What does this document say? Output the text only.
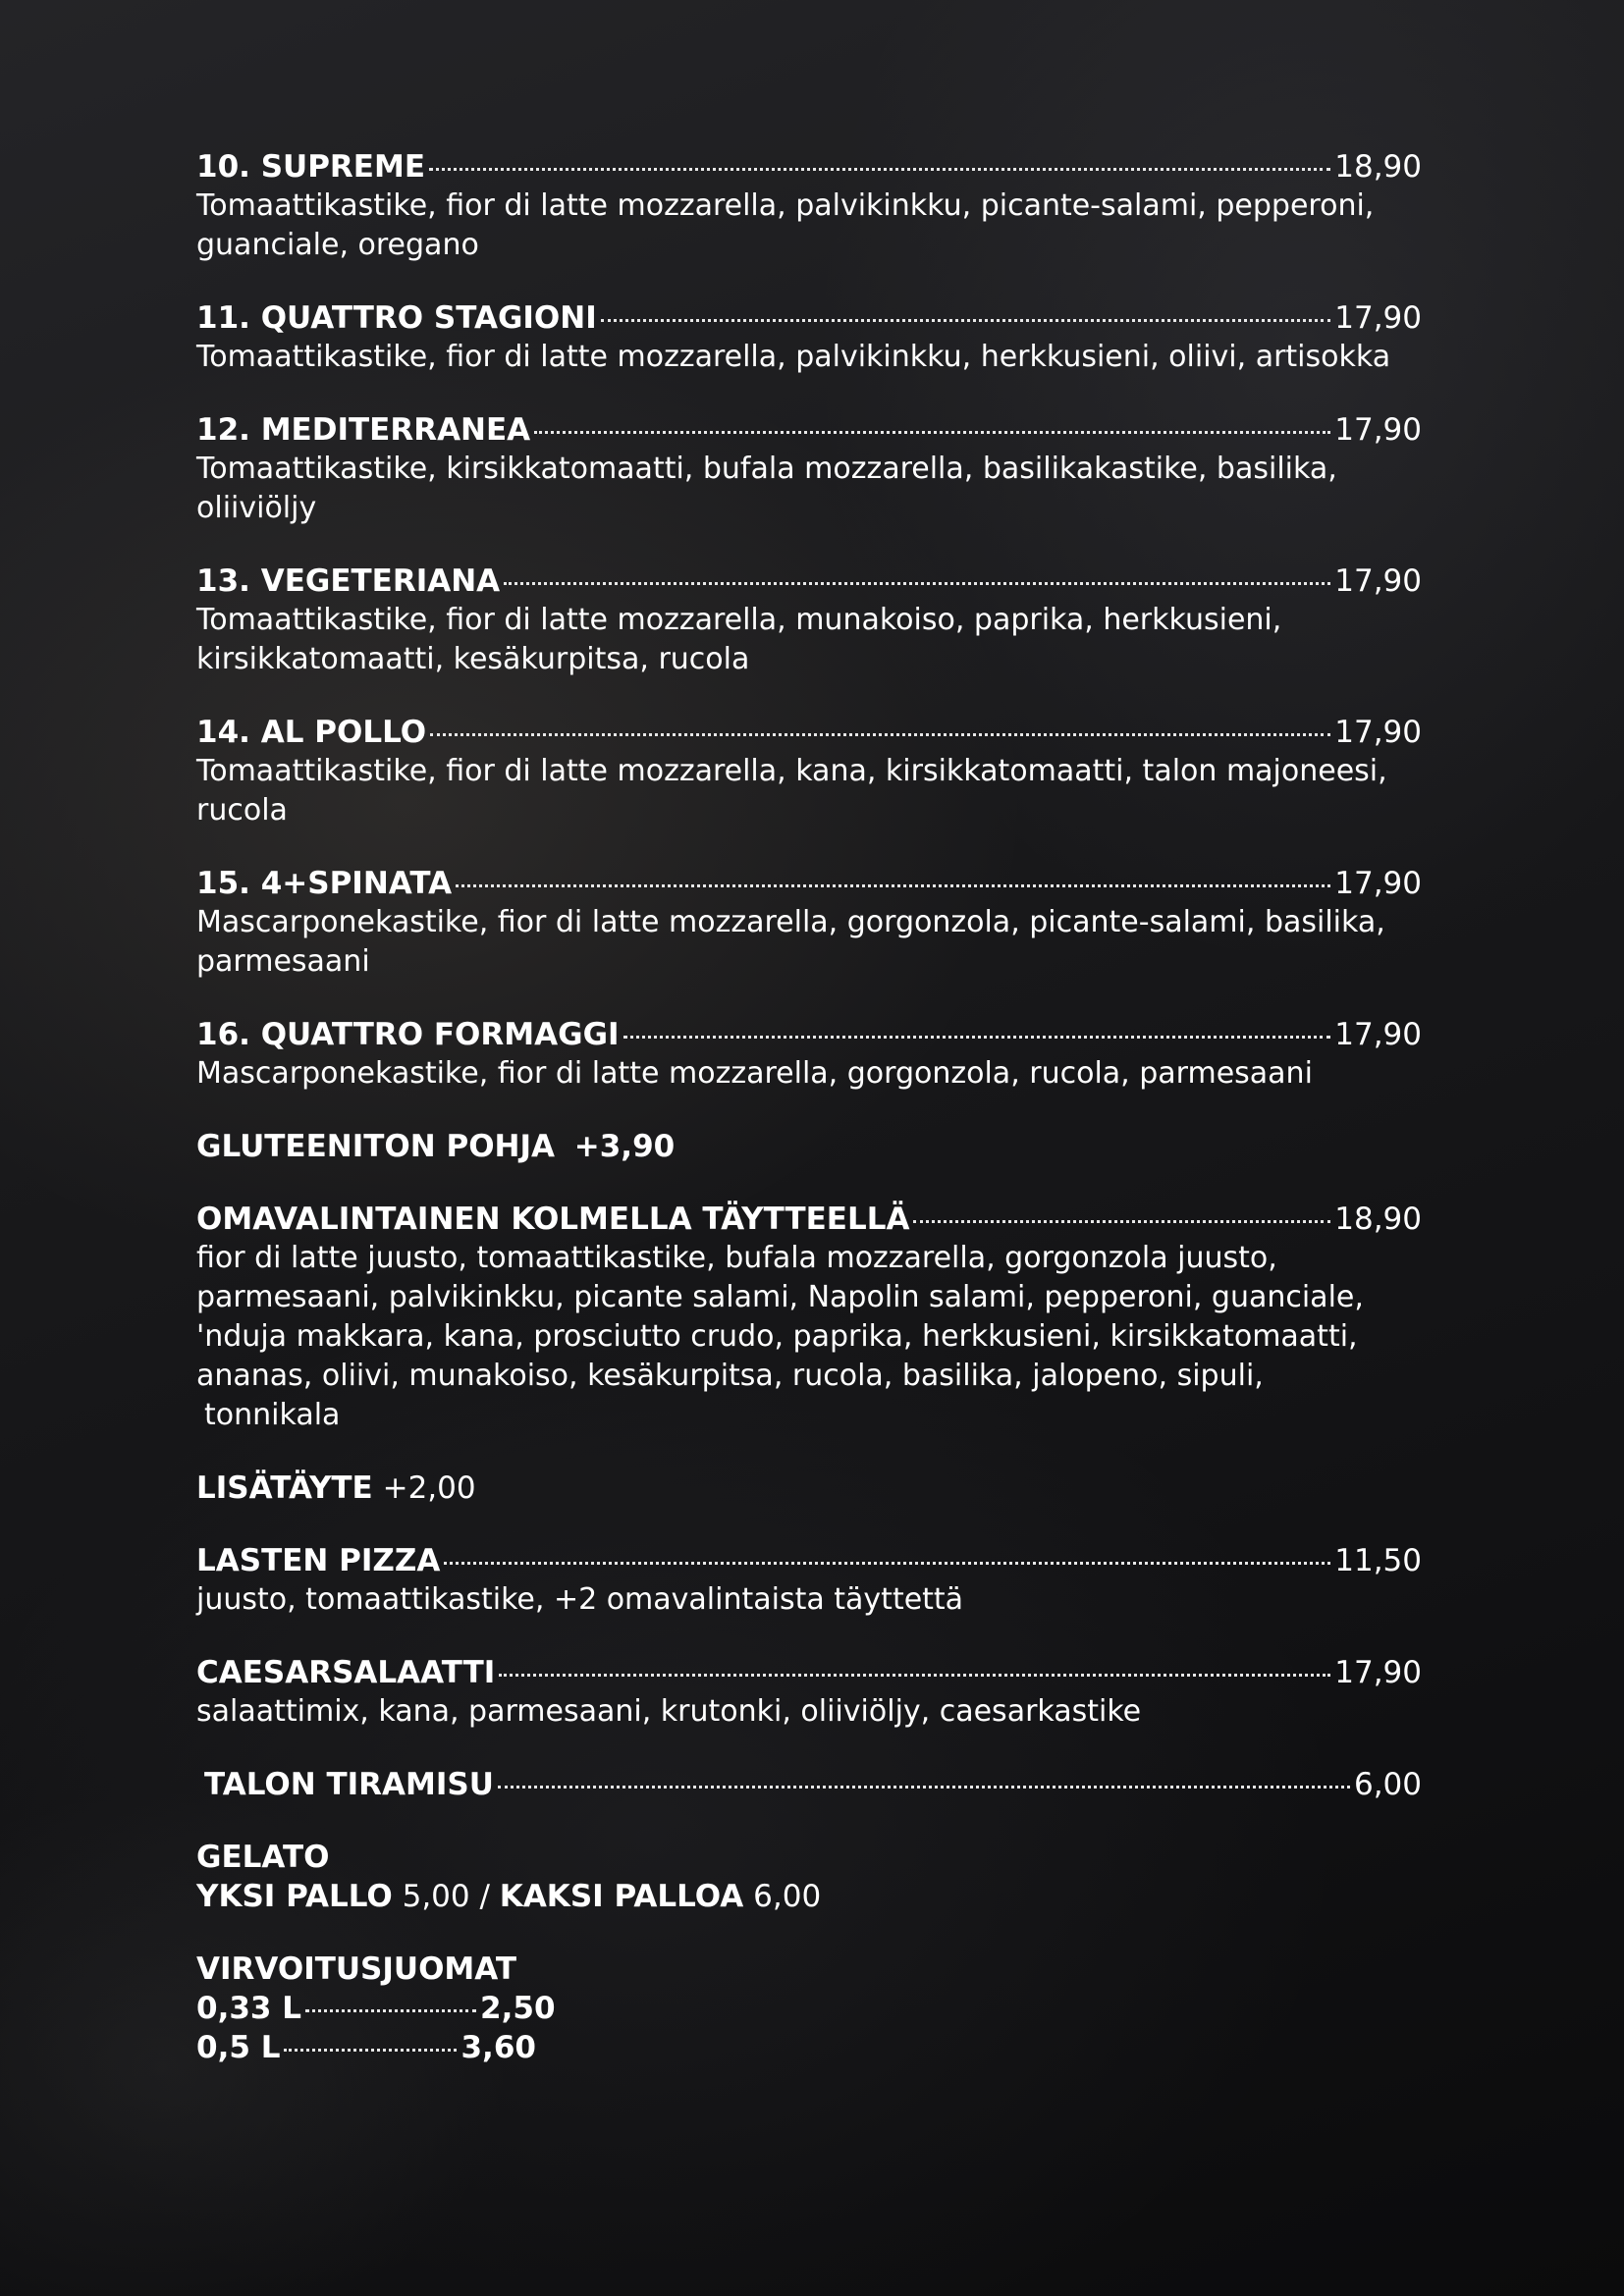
10. SUPREME	18,90
Tomaattikastike, fior di latte mozzarella, palvikinkku, picante-salami, pepperoni,
guanciale, oregano
11. QUATTRO STAGIONI	17,90
Tomaattikastike, fior di latte mozzarella, palvikinkku, herkkusieni, oliivi, artisokka
12. MEDITERRANEA	17,90
Tomaattikastike, kirsikkatomaatti, bufala mozzarella, basilikakastike, basilika,
oliiviöljy
13. VEGETERIANA	17,90
Tomaattikastike, fior di latte mozzarella, munakoiso, paprika, herkkusieni,
kirsikkatomaatti, kesäkurpitsa, rucola
14. AL POLLO	17,90
Tomaattikastike, fior di latte mozzarella, kana, kirsikkatomaatti, talon majoneesi,
rucola
15. 4+SPINATA	17,90
Mascarponekastike, fior di latte mozzarella, gorgonzola, picante-salami, basilika,
parmesaani
16. QUATTRO FORMAGGI	17,90
Mascarponekastike, fior di latte mozzarella, gorgonzola, rucola, parmesaani
GLUTEENITON POHJA +3,90
OMAVALINTAINEN KOLMELLA TÄYTTEELLÄ	18,90
fior di latte juusto, tomaattikastike, bufala mozzarella, gorgonzola juusto,
parmesaani, palvikinkku, picante salami, Napolin salami, pepperoni, guanciale,
'nduja makkara, kana, prosciutto crudo, paprika, herkkusieni, kirsikkatomaatti,
ananas, oliivi, munakoiso, kesäkurpitsa, rucola, basilika, jalopeno, sipuli,
tonnikala
LISÄTÄYTE +2,00
LASTEN PIZZA	11,50
juusto, tomaattikastike, +2 omavalintaista täyttettä
CAESARSALAATTI	17,90
salaattimix, kana, parmesaani, krutonki, oliiviöljy, caesarkastike
TALON TIRAMISU	6,00
GELATO
YKSI PALLO 5,00 / KAKSI PALLOA 6,00
VIRVOITUSJUOMAT
0,33 L	2,50
0,5 L	3,60
